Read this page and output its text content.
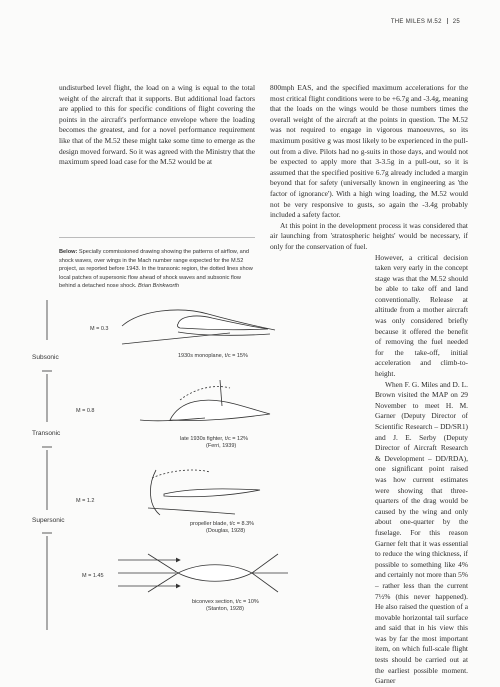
THE MILES M.52 25

undisturbed level flight, the load on a wing is equal to the total weight of the aircraft that it supports. But additional load factors are applied to this for specific conditions of flight covering the points in the aircraft's performance envelope where the loading becomes the greatest, and for a novel performance requirement like that of the M.52 these might take some time to emerge as the design moved forward. So it was agreed with the Ministry that the maximum speed load case for the M.52 would be at

Below: Specially commissioned drawing showing the patterns of airflow, and shock waves, over wings in the Mach number range expected for the M.52 project, as reported before 1943. In the transonic region, the dotted lines show local patches of supersonic flow ahead of shock waves and subsonic flow behind a detached nose shock. Brian Brinkworth
Subsonic
Transonic
Supersonic
M = 0.3
M = 0.8
M = 1.2
M = 1.45
1930s monoplane, t/c = 15%
late 1930s fighter, t/c = 12%
(Ferri, 1939)
propeller blade, t/c = 8.3%
(Douglas, 1928)
biconvex section, t/c = 10%
(Stanton, 1928)

800mph EAS, and the specified maximum accelerations for the most critical flight conditions were to be +6.7g and -3.4g, meaning that the loads on the wings would be those numbers times the overall weight of the aircraft at the points in question. The M.52 was not required to engage in vigorous manoeuvres, so its maximum positive g was most likely to be experienced in the pull-out from a dive. Pilots had no g-suits in those days, and would not be expected to apply more that 3-3.5g in a pull-out, so it is assumed that the specified positive 6.7g already included a margin beyond that for safety (universally known in engineering as 'the factor of ignorance'). With a high wing loading, the M.52 would not be very responsive to gusts, so again the -3.4g probably included a safety factor.

At this point in the development process it was considered that air launching from 'stratospheric heights' would be necessary, if only for the conservation of fuel.

However, a critical decision taken very early in the concept stage was that the M.52 should be able to take off and land conventionally. Release at altitude from a mother aircraft was only considered briefly because it offered the benefit of removing the fuel needed for the take-off, initial acceleration and climb-to-height.

When F. G. Miles and D. L. Brown visited the MAP on 29 November to meet H. M. Garner (Deputy Director of Scientific Research – DD/SR1) and J. E. Serby (Deputy Director of Aircraft Research & Development – DD/RDA), one significant point raised was how current estimates were showing that three-quarters of the drag would be caused by the wing and only about one-quarter by the fuselage. For this reason Garner felt that it was essential to reduce the wing thickness, if possible to something like 4% and certainly not more than 5% – rather less than the current 7½% (this never happened). He also raised the question of a movable horizontal tail surface and said that in his view this was by far the most important item, on which full-scale flight tests should be carried out at the earliest possible moment. Garner
